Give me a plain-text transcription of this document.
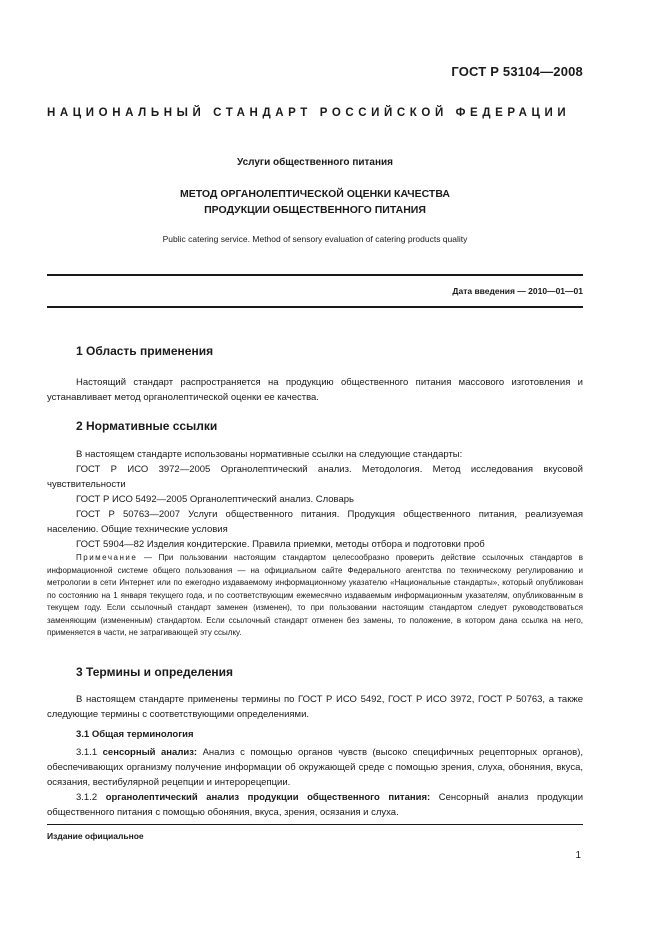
ГОСТ Р 53104—2008
НАЦИОНАЛЬНЫЙ СТАНДАРТ РОССИЙСКОЙ ФЕДЕРАЦИИ
Услуги общественного питания
МЕТОД ОРГАНОЛЕПТИЧЕСКОЙ ОЦЕНКИ КАЧЕСТВА
ПРОДУКЦИИ ОБЩЕСТВЕННОГО ПИТАНИЯ
Public catering service. Method of sensory evaluation of catering products quality
Дата введения — 2010—01—01
1 Область применения
Настоящий стандарт распространяется на продукцию общественного питания массового изготовления и устанавливает метод органолептической оценки ее качества.
2 Нормативные ссылки

В настоящем стандарте использованы нормативные ссылки на следующие стандарты:

ГОСТ Р ИСО 3972—2005 Органолептический анализ. Методология. Метод исследования вкусовой чувствительности

ГОСТ Р ИСО 5492—2005 Органолептический анализ. Словарь

ГОСТ Р 50763—2007 Услуги общественного питания. Продукция общественного питания, реализуемая населению. Общие технические условия

ГОСТ 5904—82 Изделия кондитерские. Правила приемки, методы отбора и подготовки проб

Примечание — При пользовании настоящим стандартом целесообразно проверить действие ссылочных стандартов в информационной системе общего пользования — на официальном сайте Федерального агентства по техническому регулированию и метрологии в сети Интернет или по ежегодно издаваемому информационному указателю «Национальные стандарты», который опубликован по состоянию на 1 января текущего года, и по соответствующим ежемесячно издаваемым информационным указателям, опубликованным в текущем году. Если ссылочный стандарт заменен (изменен), то при пользовании настоящим стандартом следует руководствоваться заменяющим (измененным) стандартом. Если ссылочный стандарт отменен без замены, то положение, в котором дана ссылка на него, применяется в части, не затрагивающей эту ссылку.
3 Термины и определения
В настоящем стандарте применены термины по ГОСТ Р ИСО 5492, ГОСТ Р ИСО 3972, ГОСТ Р 50763, а также следующие термины с соответствующими определениями.
3.1 Общая терминология

3.1.1 сенсорный анализ: Анализ с помощью органов чувств (высоко специфичных рецепторных органов), обеспечивающих организму получение информации об окружающей среде с помощью зрения, слуха, обоняния, вкуса, осязания, вестибулярной рецепции и интерорецепции.

3.1.2 органолептический анализ продукции общественного питания: Сенсорный анализ продукции общественного питания с помощью обоняния, вкуса, зрения, осязания и слуха.

Издание официальное
1
